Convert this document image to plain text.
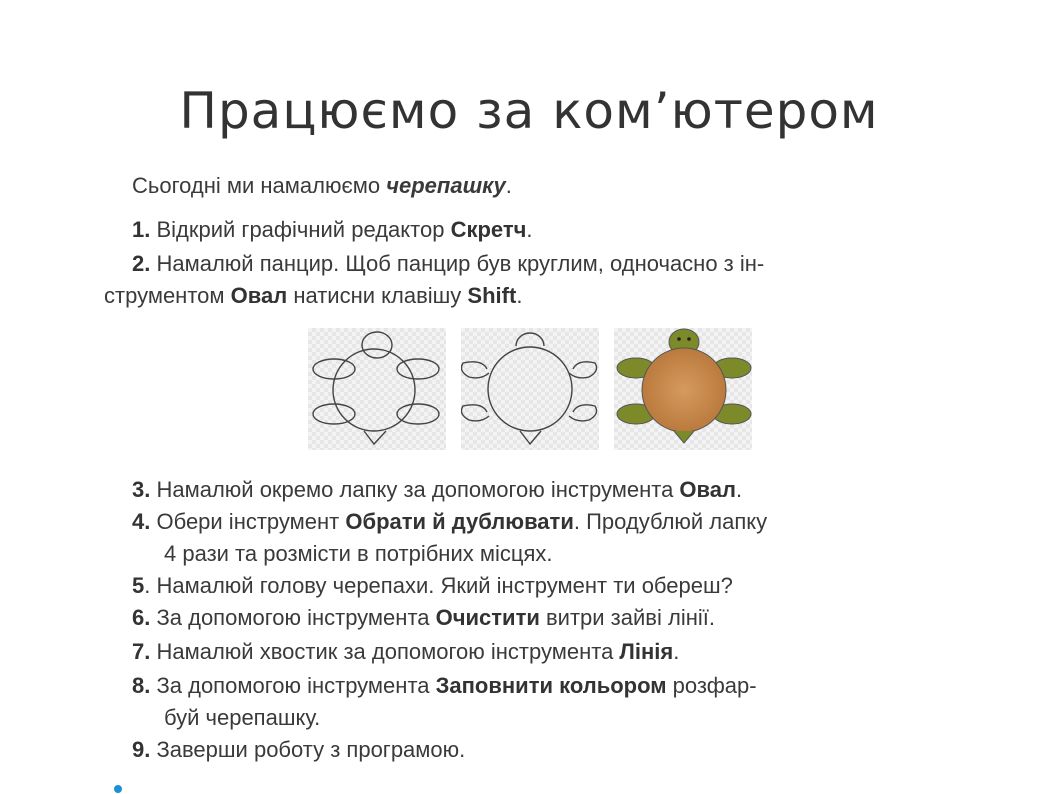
Працюємо за ком’ютером
Сьогодні ми намалюємо черепашку.
1. Відкрий графічний редактор Скретч.
2. Намалюй панцир. Щоб панцир був круглим, одночасно з ін-
струментом Овал натисни клавішу Shift.
3. Намалюй окремо лапку за допомогою інструмента Овал.
4. Обери інструмент Обрати й дублювати. Продублюй лапку
4 рази та розмісти в потрібних місцях.
5. Намалюй голову черепахи. Який інструмент ти обереш?
6. За допомогою інструмента Очистити витри зайві лінії.
7. Намалюй хвостик за допомогою інструмента Лінія.
8. За допомогою інструмента Заповнити кольором розфар-
буй черепашку.
9. Заверши роботу з програмою.
